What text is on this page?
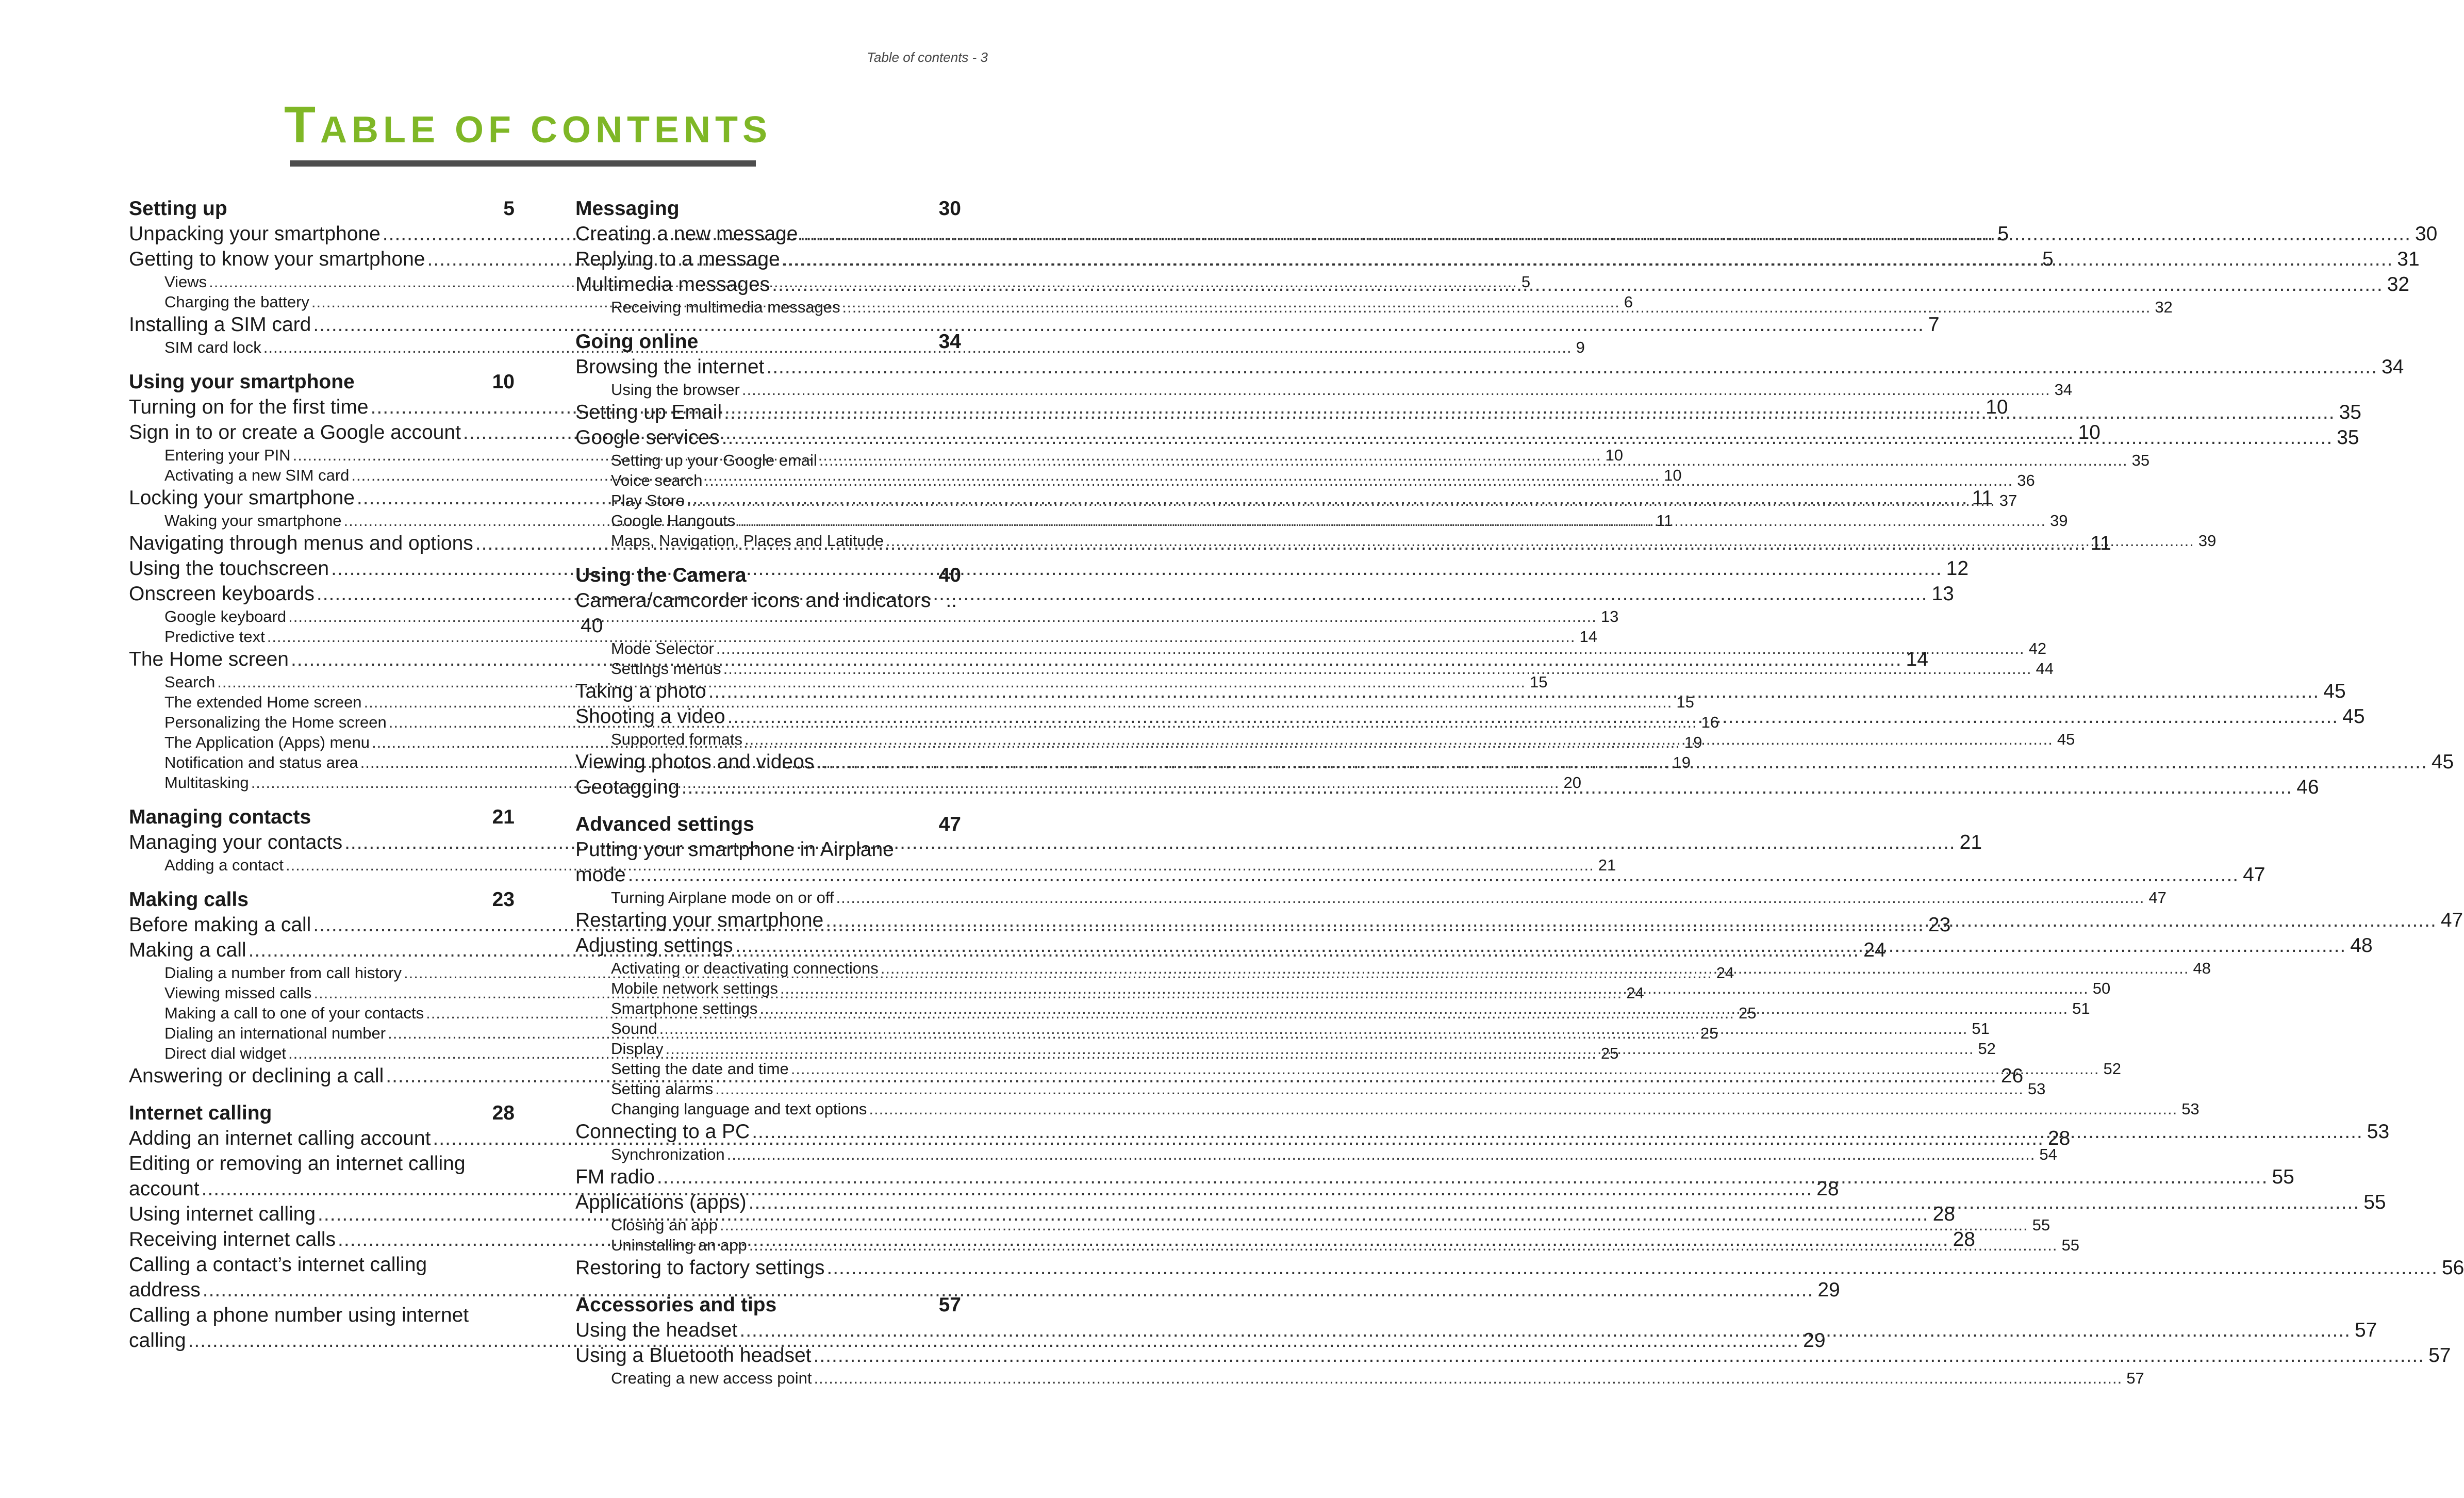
Table of contents - 3
TABLE OF CONTENTS
Setting up	5
Unpacking your smartphone .....	5
Getting to know your smartphone .....	5
Views .....	5
Charging the battery .....	6
Installing a SIM card .....	7
SIM card lock .....	9
Using your smartphone	10
Turning on for the first time .....	10
Sign in to or create a Google account .....	10
Entering your PIN .....	10
Activating a new SIM card .....	10
Locking your smartphone .....	11
Waking your smartphone .....	11
Navigating through menus and options .....	11
Using the touchscreen .....	12
Onscreen keyboards .....	13
Google keyboard .....	13
Predictive text .....	14
The Home screen .....	14
Search .....	15
The extended Home screen .....	15
Personalizing the Home screen .....	16
The Application (Apps) menu .....	19
Notification and status area .....	19
Multitasking .....	20
Managing contacts	21
Managing your contacts .....	21
Adding a contact .....	21
Making calls	23
Before making a call .....	23
Making a call .....	24
Dialing a number from call history .....	24
Viewing missed calls .....	24
Making a call to one of your contacts .....	25
Dialing an international number .....	25
Direct dial widget .....	25
Answering or declining a call .....	26
Internet calling	28
Adding an internet calling account .....	28
Editing or removing an internet calling
account .....	28
Using internet calling .....	28
Receiving internet calls .....	28
Calling a contact’s internet calling
address .....	29
Calling a phone number using internet
calling .....	29
Messaging	30
Creating a new message .....	30
Replying to a message .....	31
Multimedia messages .....	32
Receiving multimedia messages .....	32
Going online	34
Browsing the internet .....	34
Using the browser .....	34
Setting up Email .....	35
Google services .....	35
Setting up your Google email .....	35
Voice search .....	36
Play Store .....	37
Google Hangouts .....	39
Maps, Navigation, Places and Latitude .....	39
Using the Camera	40
Camera/camcorder icons and indicators ..
40
Mode Selector .....	42
Settings menus .....	44
Taking a photo .....	45
Shooting a video .....	45
Supported formats .....	45
Viewing photos and videos .....	45
Geotagging .....	46
Advanced settings	47
Putting your smartphone in Airplane
mode .....	47
Turning Airplane mode on or off .....	47
Restarting your smartphone .....	47
Adjusting settings .....	48
Activating or deactivating connections .....	48
Mobile network settings .....	50
Smartphone settings .....	51
Sound .....	51
Display .....	52
Setting the date and time .....	52
Setting alarms .....	53
Changing language and text options .....	53
Connecting to a PC .....	53
Synchronization .....	54
FM radio .....	55
Applications (apps) .....	55
Closing an app .....	55
Uninstalling an app .....	55
Restoring to factory settings .....	56
Accessories and tips	57
Using the headset .....	57
Using a Bluetooth headset .....	57
Creating a new access point .....	57
